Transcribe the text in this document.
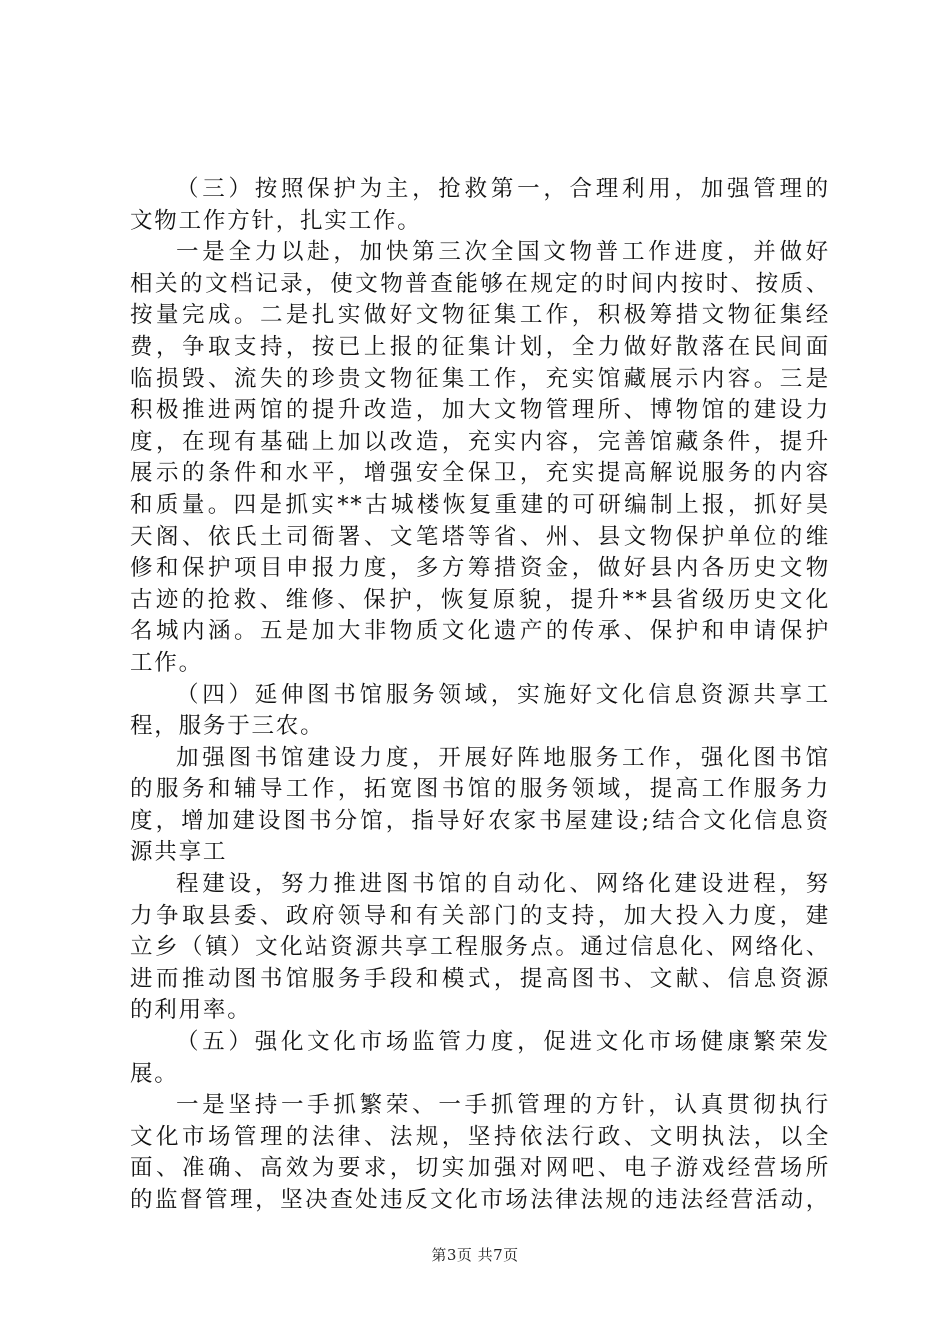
（三）按照保护为主，抢救第一，合理利用，加强管理的
文物工作方针，扎实工作。
一是全力以赴，加快第三次全国文物普工作进度，并做好
相关的文档记录，使文物普查能够在规定的时间内按时、按质、
按量完成。二是扎实做好文物征集工作，积极筹措文物征集经
费，争取支持，按已上报的征集计划，全力做好散落在民间面
临损毁、流失的珍贵文物征集工作，充实馆藏展示内容。三是
积极推进两馆的提升改造，加大文物管理所、博物馆的建设力
度，在现有基础上加以改造，充实内容，完善馆藏条件，提升
展示的条件和水平，增强安全保卫，充实提高解说服务的内容
和质量。四是抓实**古城楼恢复重建的可研编制上报，抓好昊
天阁、依氏土司衙署、文笔塔等省、州、县文物保护单位的维
修和保护项目申报力度，多方筹措资金，做好县内各历史文物
古迹的抢救、维修、保护，恢复原貌，提升**县省级历史文化
名城内涵。五是加大非物质文化遗产的传承、保护和申请保护
工作。
（四）延伸图书馆服务领域，实施好文化信息资源共享工
程，服务于三农。
加强图书馆建设力度，开展好阵地服务工作，强化图书馆
的服务和辅导工作，拓宽图书馆的服务领域，提高工作服务力
度，增加建设图书分馆，指导好农家书屋建设;结合文化信息资
源共享工
程建设，努力推进图书馆的自动化、网络化建设进程，努
力争取县委、政府领导和有关部门的支持，加大投入力度，建
立乡（镇）文化站资源共享工程服务点。通过信息化、网络化、
进而推动图书馆服务手段和模式，提高图书、文献、信息资源
的利用率。
（五）强化文化市场监管力度，促进文化市场健康繁荣发
展。
一是坚持一手抓繁荣、一手抓管理的方针，认真贯彻执行
文化市场管理的法律、法规，坚持依法行政、文明执法，以全
面、准确、高效为要求，切实加强对网吧、电子游戏经营场所
的监督管理，坚决查处违反文化市场法律法规的违法经营活动，
第3页 共7页
